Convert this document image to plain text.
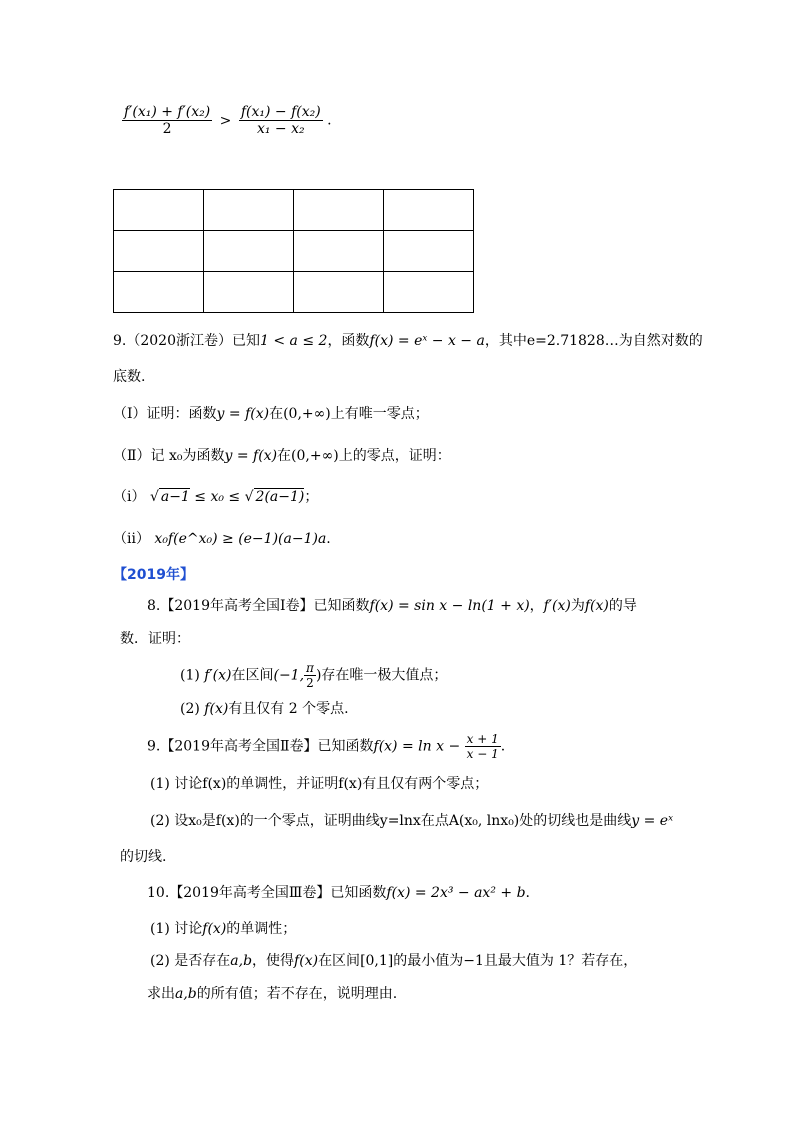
$\frac{\text{f′(x₁) + f′(x₂)}}{2} > \frac{\text{f(x₁) − f(x₂)}}{\text{x₁ − x₂}}$ .

9.（2020浙江卷）已知1 < a ≤ 2，函数f(x) = eˣ − x − a，其中e=2.71828…为自然对数的
底数.
（Ⅰ）证明：函数y = f(x)在(0,+∞)上有唯一零点；
（Ⅱ）记 x₀为函数y = f(x)在(0,+∞)上的零点，证明：
（ⅰ） √ a−1 ≤ x₀ ≤ √ 2(a−1)；
（ⅱ） x₀f(e^x₀) ≥ (e−1)(a−1)a.
【2019年】
8.【2019年高考全国Ⅰ卷】已知函数f(x) = sin x − ln(1 + x)，f′(x)为f(x)的导
数．证明：
(1) f′(x)在区间(−1, $\frac{\pi}{2}$ )存在唯一极大值点；
(2) f(x)有且仅有 2 个零点.
9.【2019年高考全国Ⅱ卷】已知函数$f(x) = \ln x - \frac{x + 1}{x - 1}$ .
(1) 讨论f(x)的单调性，并证明f(x)有且仅有两个零点；
(2) 设x₀是f(x)的一个零点，证明曲线y=lnx在点A(x₀, lnx₀)处的切线也是曲线y = eˣ
的切线.
10.【2019年高考全国Ⅲ卷】已知函数f(x) = 2x³ − ax² + b.
(1) 讨论f(x)的单调性；
(2) 是否存在a,b，使得f(x)在区间[0,1]的最小值为−1且最大值为 1？若存在，
求出a,b的所有值；若不存在，说明理由.
